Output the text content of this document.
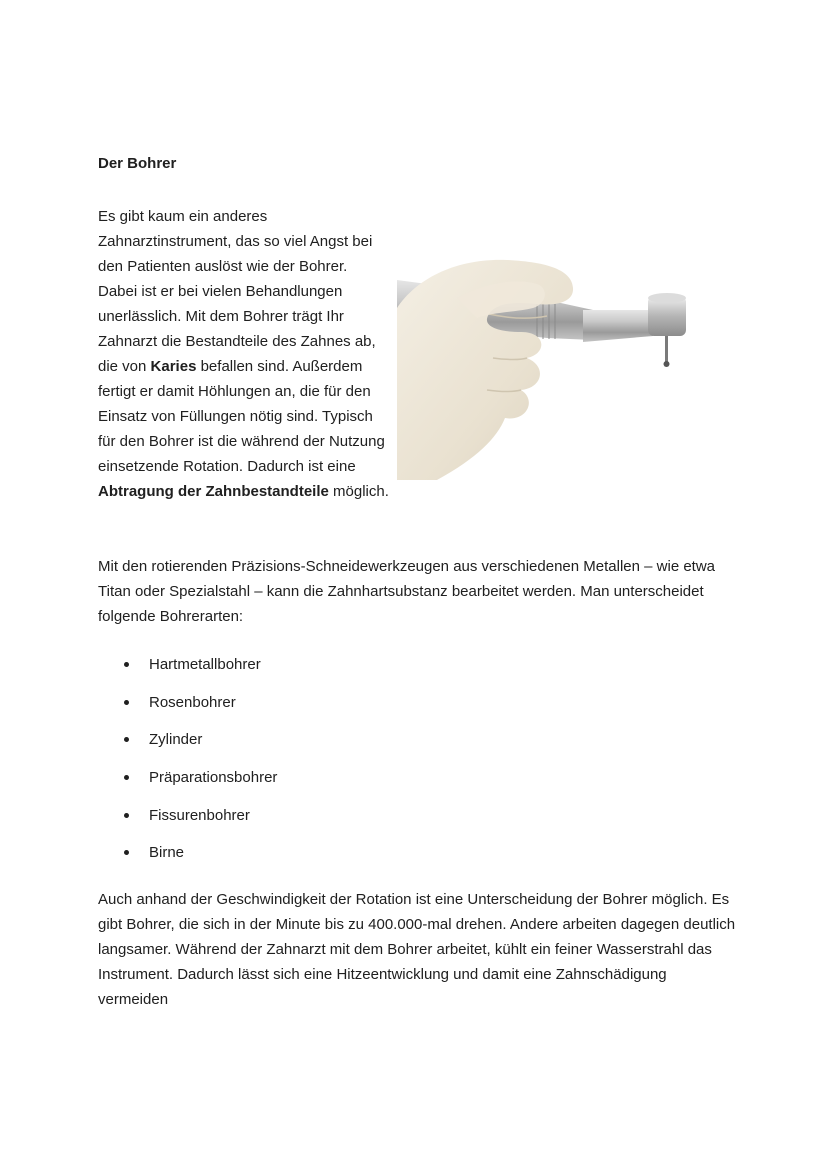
Der Bohrer

Es gibt kaum ein anderes Zahnarztinstrument, das so viel Angst bei den Patienten auslöst wie der Bohrer. Dabei ist er bei vielen Behandlungen unerlässlich. Mit dem Bohrer trägt Ihr Zahnarzt die Bestandteile des Zahnes ab, die von Karies befallen sind. Außerdem fertigt er damit Höhlungen an, die für den Einsatz von Füllungen nötig sind. Typisch für den Bohrer ist die während der Nutzung einsetzende Rotation. Dadurch ist eine Abtragung der Zahnbestandteile möglich.

Mit den rotierenden Präzisions-Schneidewerkzeugen aus verschiedenen Metallen – wie etwa Titan oder Spezialstahl – kann die Zahnhartsubstanz bearbeitet werden. Man unterscheidet folgende Bohrerarten:

Hartmetallbohrer
Rosenbohrer
Zylinder
Präparationsbohrer
Fissurenbohrer
Birne

Auch anhand der Geschwindigkeit der Rotation ist eine Unterscheidung der Bohrer möglich. Es gibt Bohrer, die sich in der Minute bis zu 400.000-mal drehen. Andere arbeiten dagegen deutlich langsamer. Während der Zahnarzt mit dem Bohrer arbeitet, kühlt ein feiner Wasserstrahl das Instrument. Dadurch lässt sich eine Hitzeentwicklung und damit eine Zahnschädigung vermeiden
